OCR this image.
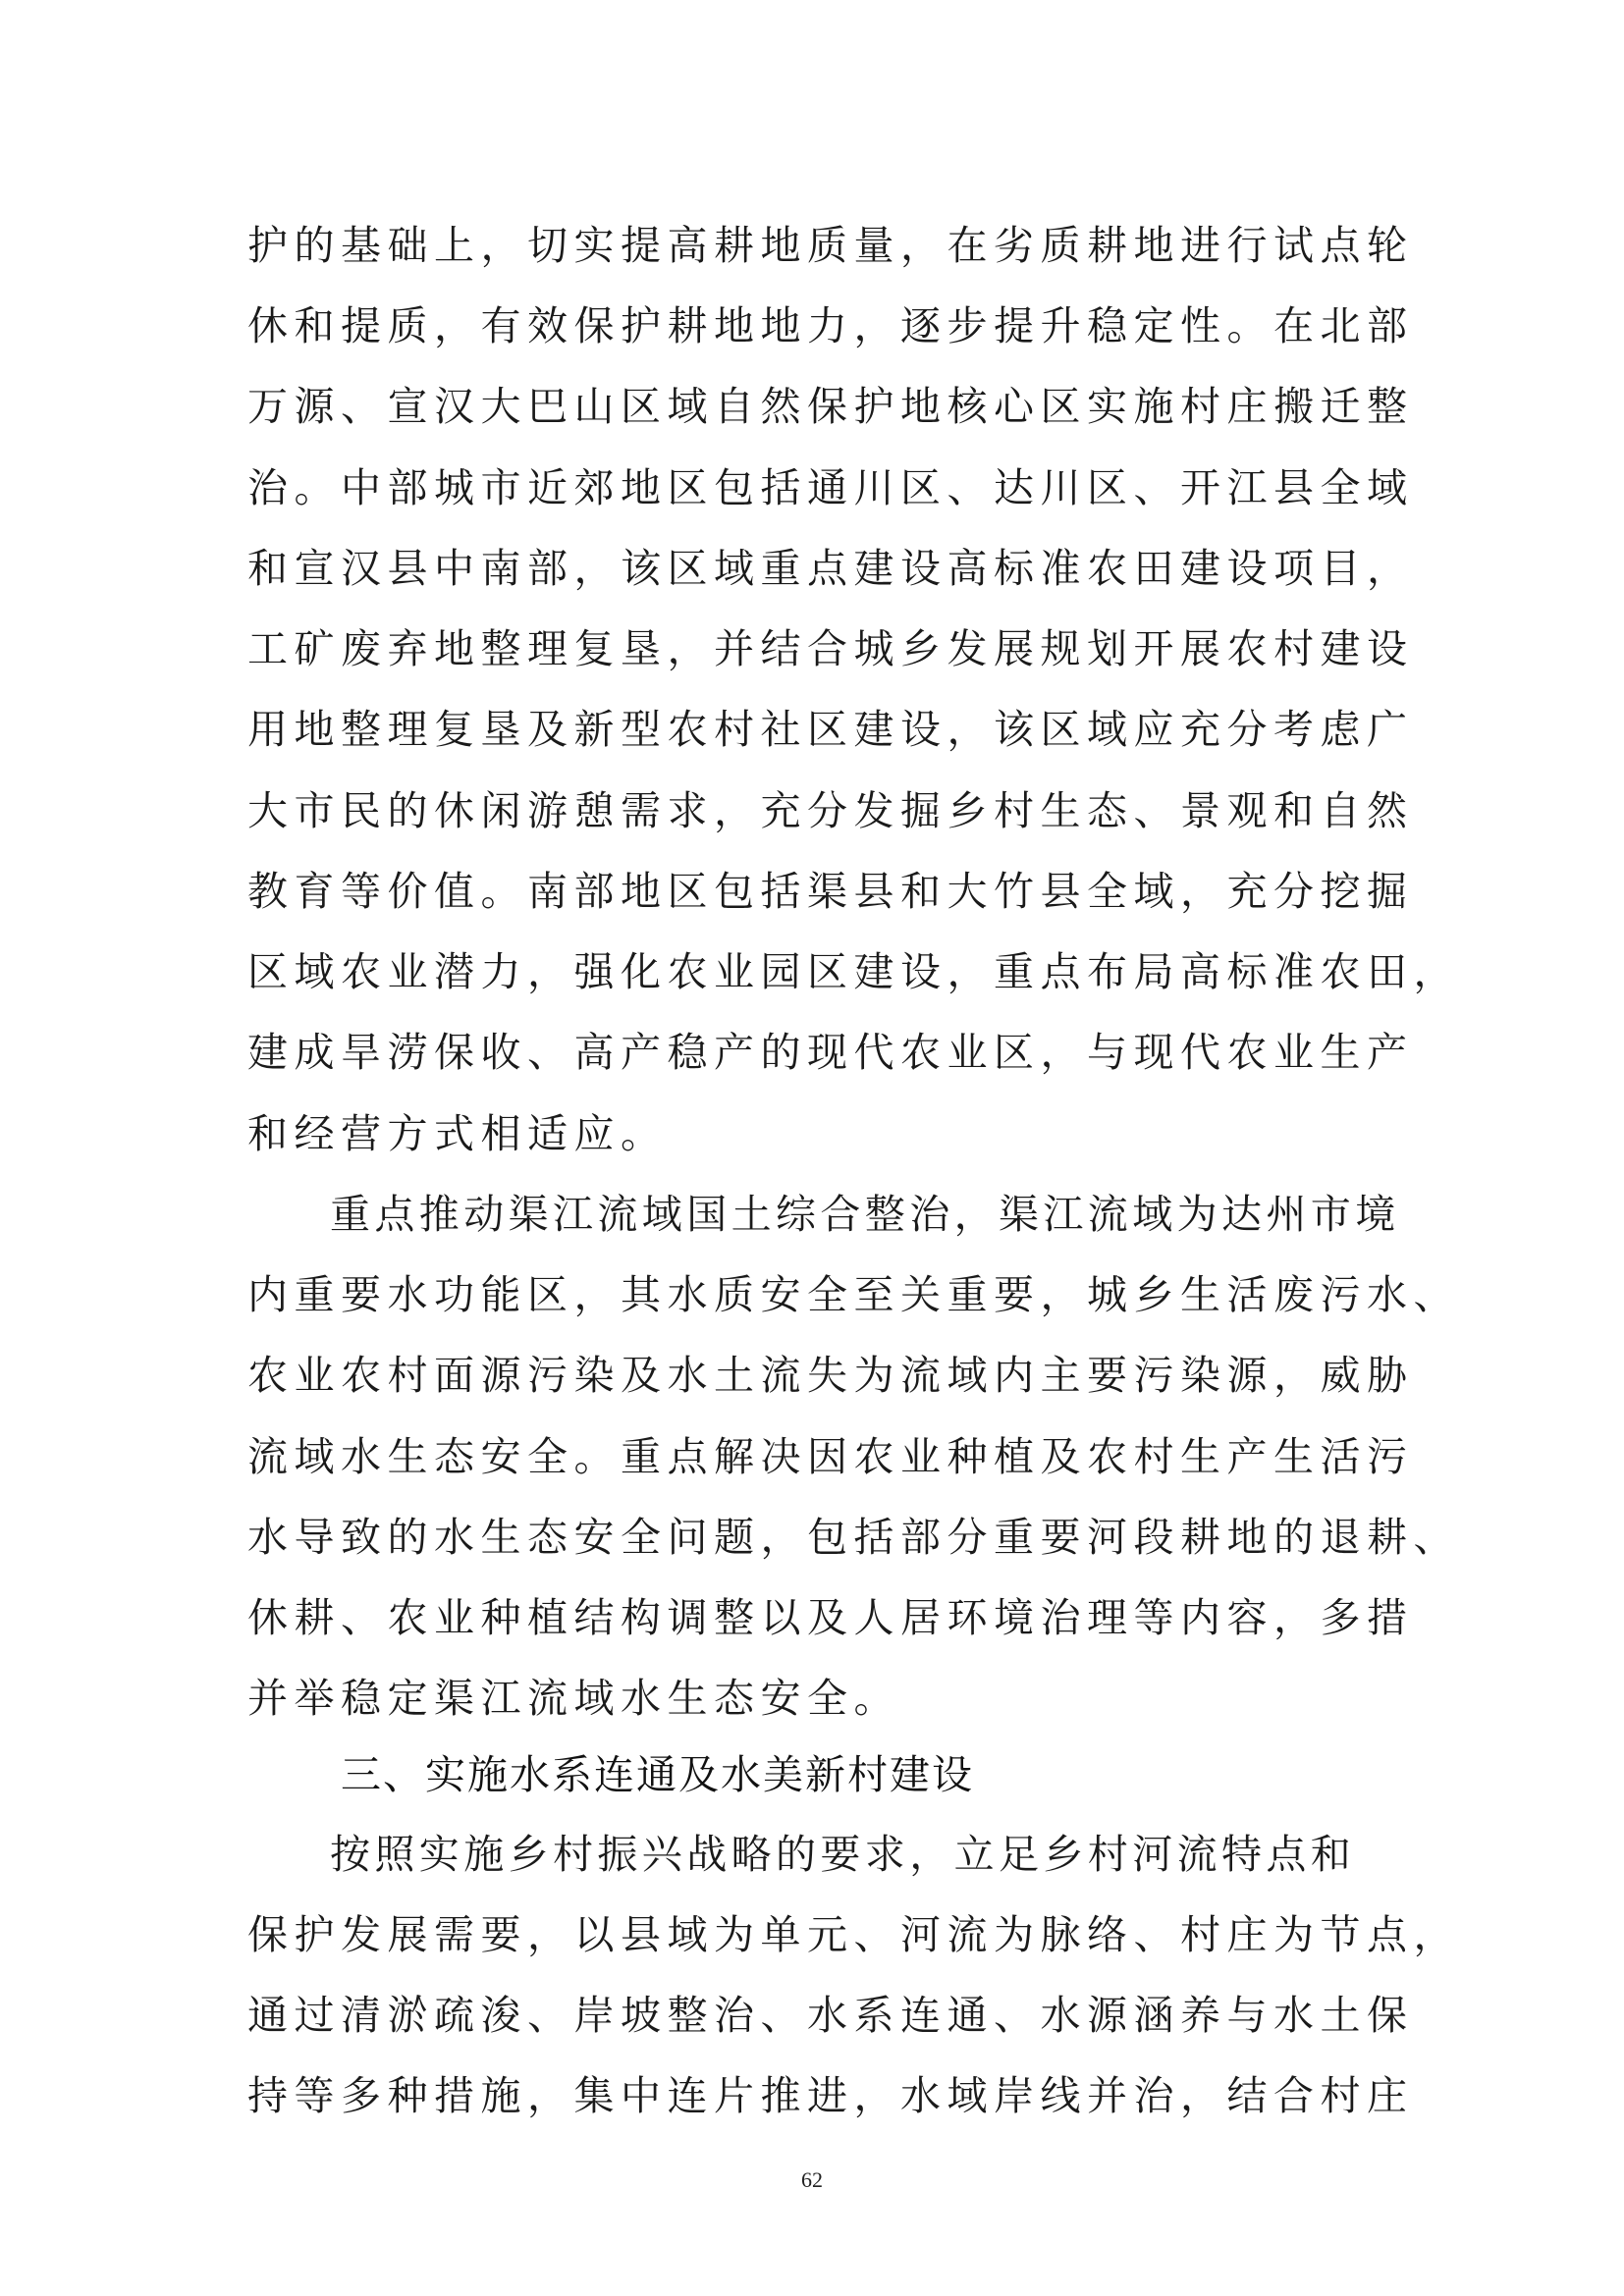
护的基础上，切实提高耕地质量，在劣质耕地进行试点轮
休和提质，有效保护耕地地力，逐步提升稳定性。在北部
万源、宣汉大巴山区域自然保护地核心区实施村庄搬迁整
治。中部城市近郊地区包括通川区、达川区、开江县全域
和宣汉县中南部，该区域重点建设高标准农田建设项目，
工矿废弃地整理复垦，并结合城乡发展规划开展农村建设
用地整理复垦及新型农村社区建设，该区域应充分考虑广
大市民的休闲游憩需求，充分发掘乡村生态、景观和自然
教育等价值。南部地区包括渠县和大竹县全域，充分挖掘
区域农业潜力，强化农业园区建设，重点布局高标准农田，
建成旱涝保收、高产稳产的现代农业区，与现代农业生产
和经营方式相适应。
重点推动渠江流域国土综合整治，渠江流域为达州市境
内重要水功能区，其水质安全至关重要，城乡生活废污水、
农业农村面源污染及水土流失为流域内主要污染源，威胁
流域水生态安全。重点解决因农业种植及农村生产生活污
水导致的水生态安全问题，包括部分重要河段耕地的退耕、
休耕、农业种植结构调整以及人居环境治理等内容，多措
并举稳定渠江流域水生态安全。
三、实施水系连通及水美新村建设
按照实施乡村振兴战略的要求，立足乡村河流特点和
保护发展需要，以县域为单元、河流为脉络、村庄为节点，
通过清淤疏浚、岸坡整治、水系连通、水源涵养与水土保
持等多种措施，集中连片推进，水域岸线并治，结合村庄
62
